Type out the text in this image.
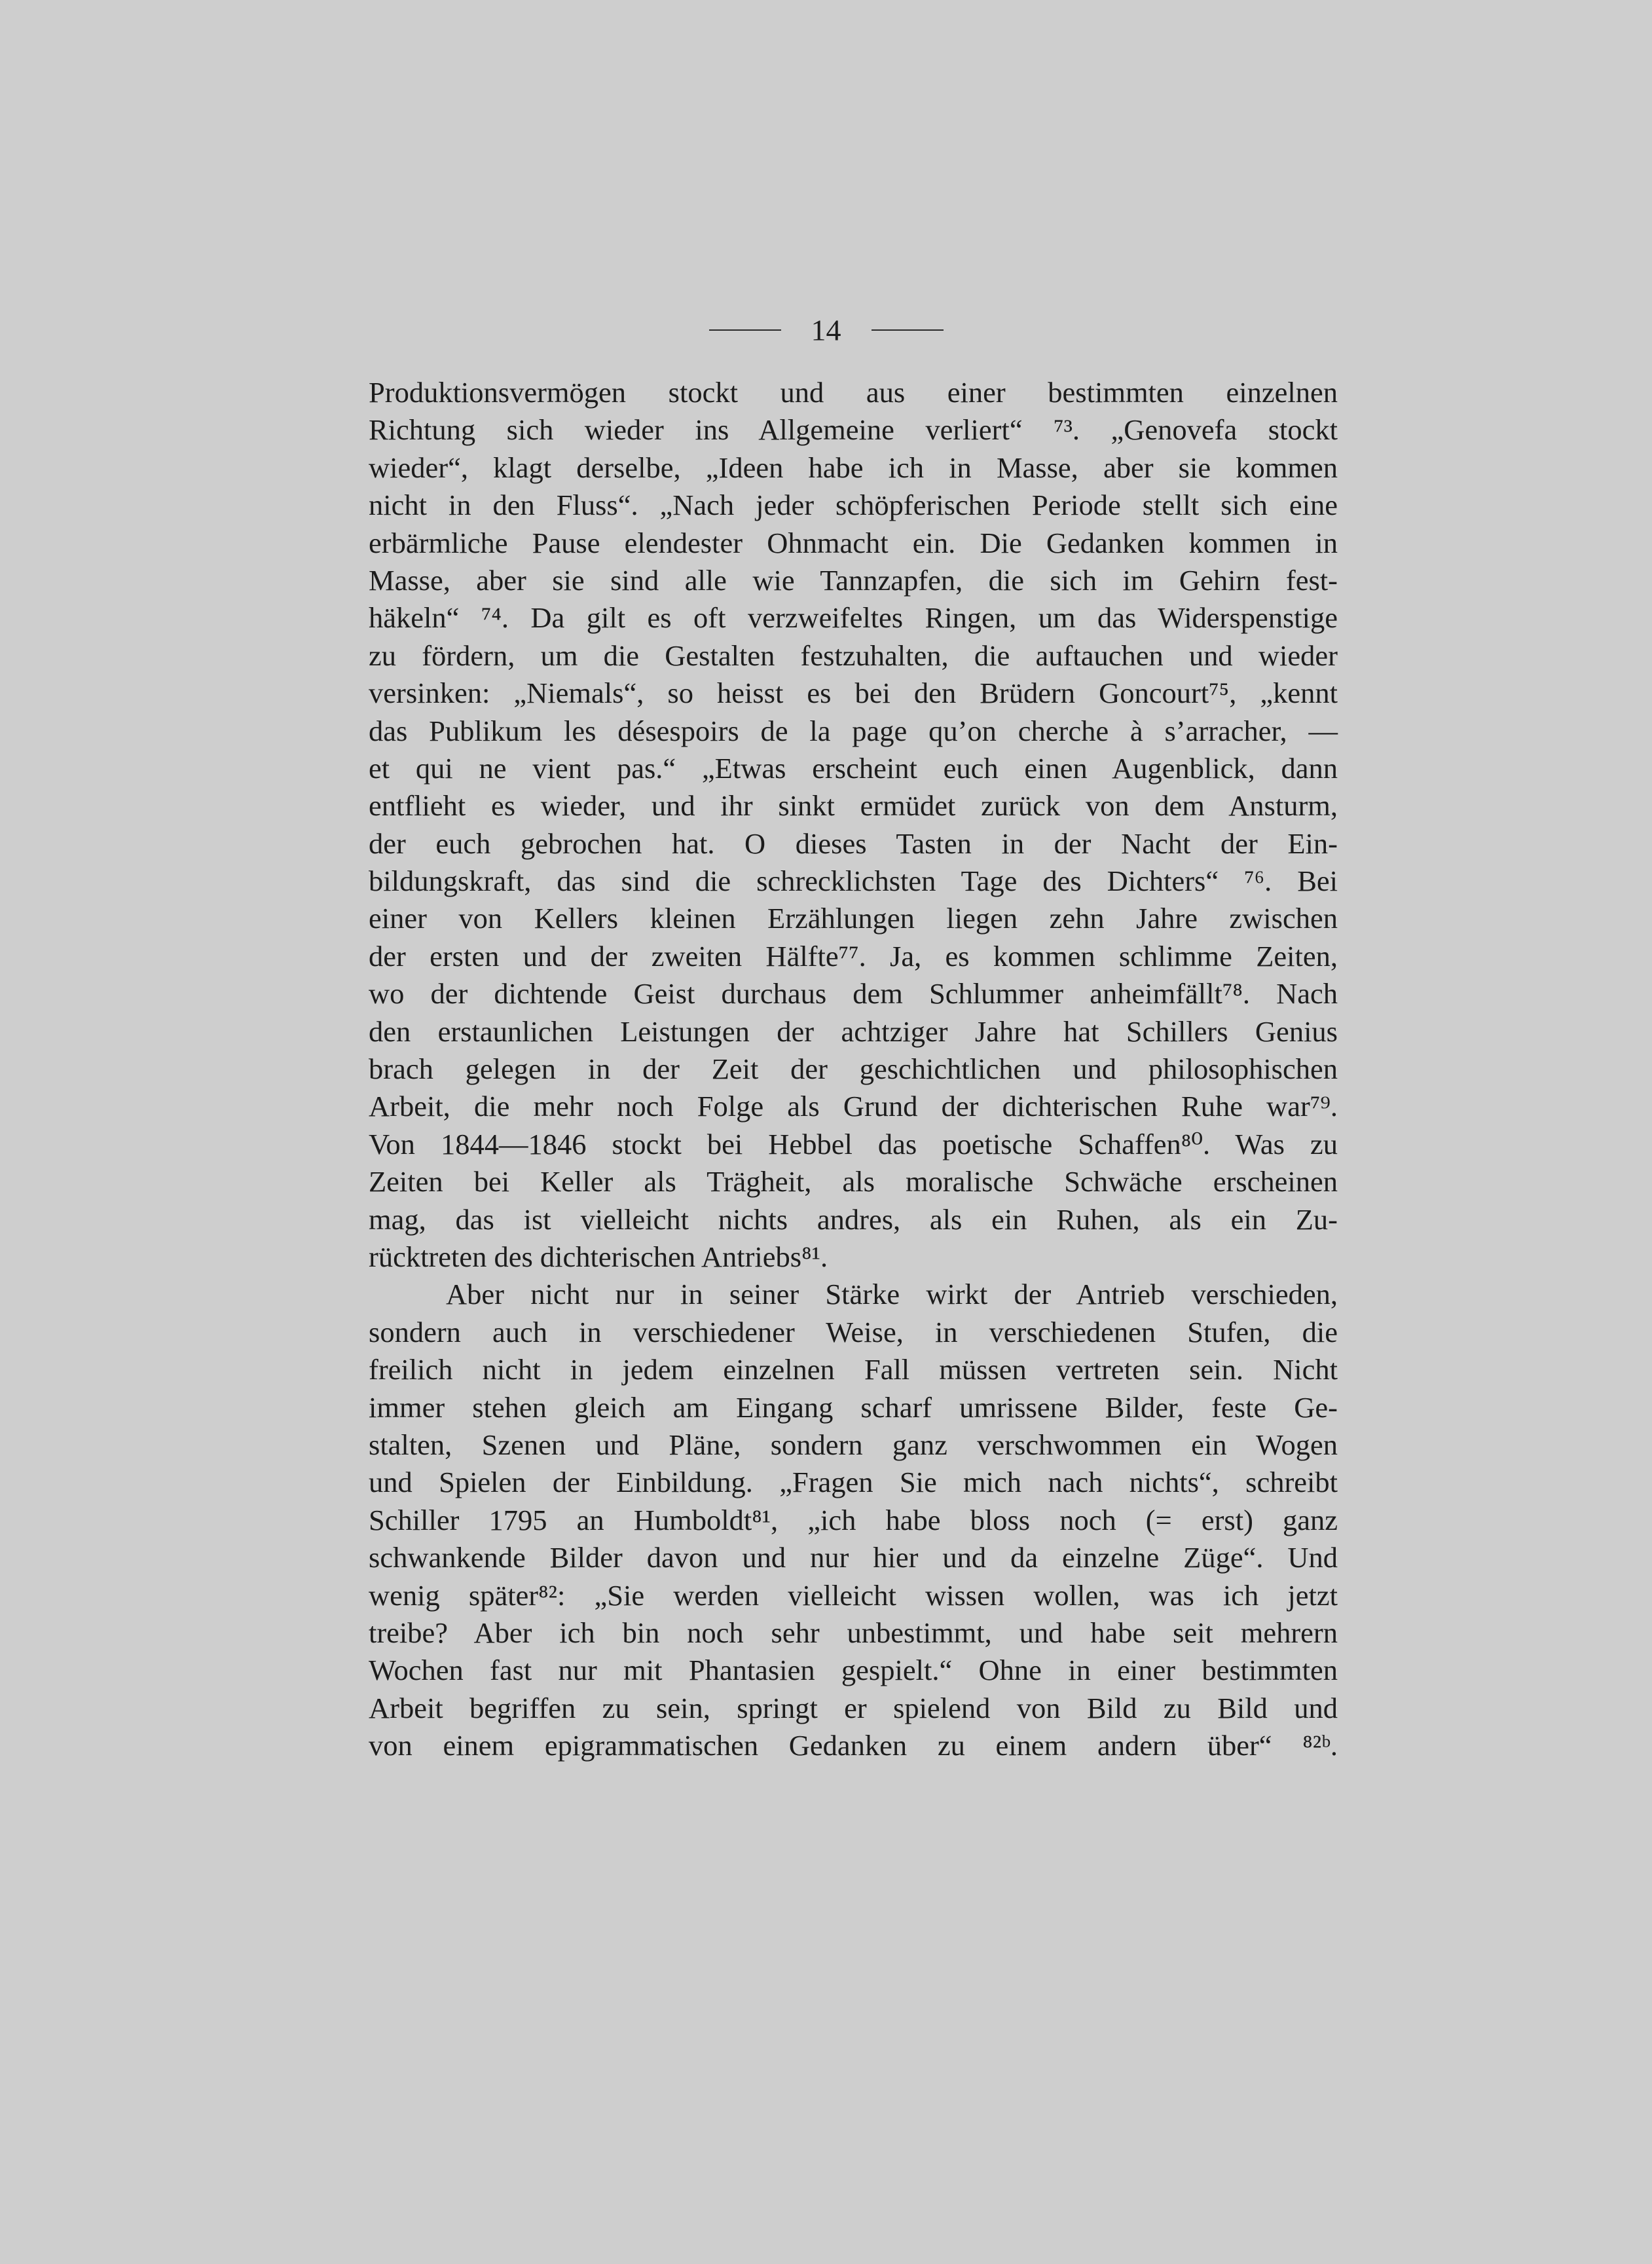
14
Produktionsvermögen stockt und aus einer bestimmten einzelnen
Richtung sich wieder ins Allgemeine verliert“ ⁷³. „Genovefa stockt
wieder“, klagt derselbe, „Ideen habe ich in Masse, aber sie kommen
nicht in den Fluss“. „Nach jeder schöpferischen Periode stellt sich eine
erbärmliche Pause elendester Ohnmacht ein. Die Gedanken kommen in
Masse, aber sie sind alle wie Tannzapfen, die sich im Gehirn fest-
häkeln“ ⁷⁴. Da gilt es oft verzweifeltes Ringen, um das Widerspenstige
zu fördern, um die Gestalten festzuhalten, die auftauchen und wieder
versinken: „Niemals“, so heisst es bei den Brüdern Goncourt⁷⁵, „kennt
das Publikum les désespoirs de la page qu’on cherche à s’arracher, —
et qui ne vient pas.“ „Etwas erscheint euch einen Augenblick, dann
entflieht es wieder, und ihr sinkt ermüdet zurück von dem Ansturm,
der euch gebrochen hat. O dieses Tasten in der Nacht der Ein-
bildungskraft, das sind die schrecklichsten Tage des Dichters“ ⁷⁶. Bei
einer von Kellers kleinen Erzählungen liegen zehn Jahre zwischen
der ersten und der zweiten Hälfte⁷⁷. Ja, es kommen schlimme Zeiten,
wo der dichtende Geist durchaus dem Schlummer anheimfällt⁷⁸. Nach
den erstaunlichen Leistungen der achtziger Jahre hat Schillers Genius
brach gelegen in der Zeit der geschichtlichen und philosophischen
Arbeit, die mehr noch Folge als Grund der dichterischen Ruhe war⁷⁹.
Von 1844—1846 stockt bei Hebbel das poetische Schaffen⁸⁰. Was zu
Zeiten bei Keller als Trägheit, als moralische Schwäche erscheinen
mag, das ist vielleicht nichts andres, als ein Ruhen, als ein Zu-
rücktreten des dichterischen Antriebs⁸¹.
Aber nicht nur in seiner Stärke wirkt der Antrieb verschieden,
sondern auch in verschiedener Weise, in verschiedenen Stufen, die
freilich nicht in jedem einzelnen Fall müssen vertreten sein. Nicht
immer stehen gleich am Eingang scharf umrissene Bilder, feste Ge-
stalten, Szenen und Pläne, sondern ganz verschwommen ein Wogen
und Spielen der Einbildung. „Fragen Sie mich nach nichts“, schreibt
Schiller 1795 an Humboldt⁸¹, „ich habe bloss noch (= erst) ganz
schwankende Bilder davon und nur hier und da einzelne Züge“. Und
wenig später⁸²: „Sie werden vielleicht wissen wollen, was ich jetzt
treibe? Aber ich bin noch sehr unbestimmt, und habe seit mehrern
Wochen fast nur mit Phantasien gespielt.“ Ohne in einer bestimmten
Arbeit begriffen zu sein, springt er spielend von Bild zu Bild und
von einem epigrammatischen Gedanken zu einem andern über“ ⁸²ᵇ.
